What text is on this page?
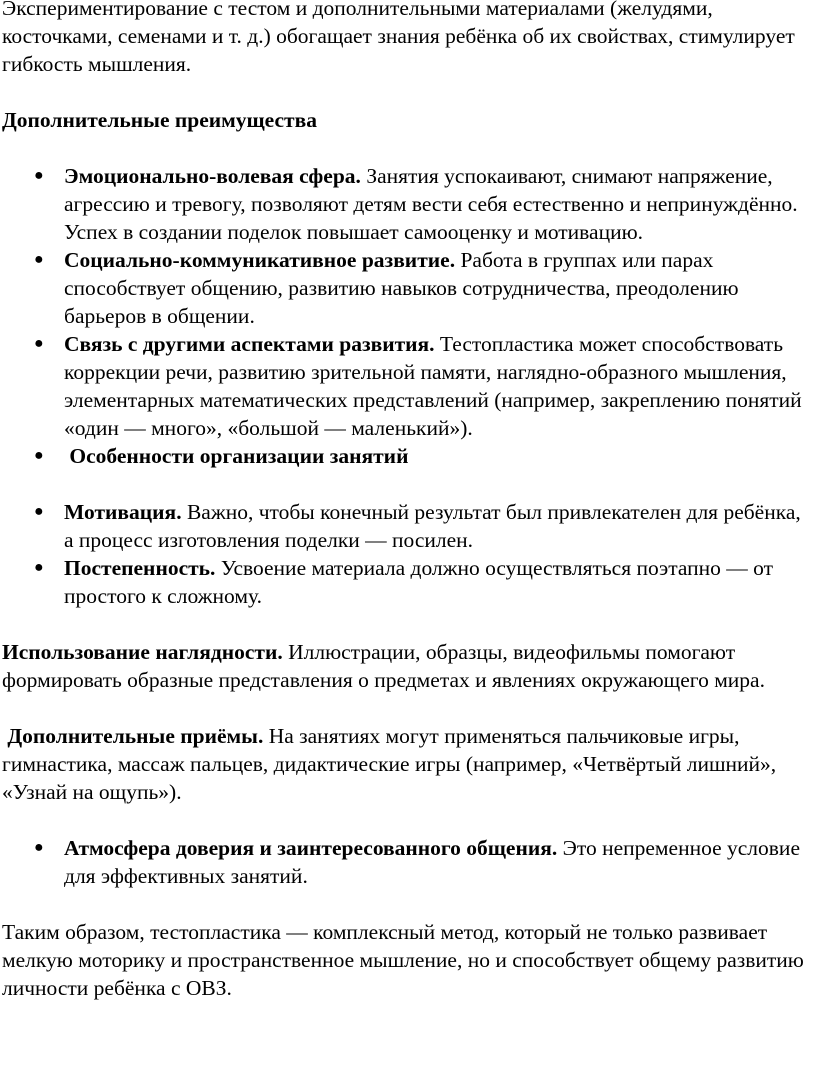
Экспериментирование с тестом и дополнительными материалами (желудями, косточками, семенами и т. д.) обогащает знания ребёнка об их свойствах, стимулирует гибкость мышления.

Дополнительные преимущества

● Эмоционально-волевая сфера. Занятия успокаивают, снимают напряжение, агрессию и тревогу, позволяют детям вести себя естественно и непринуждённо. Успех в создании поделок повышает самооценку и мотивацию.
● Социально-коммуникативное развитие. Работа в группах или парах способствует общению, развитию навыков сотрудничества, преодолению барьеров в общении.
● Связь с другими аспектами развития. Тестопластика может способствовать коррекции речи, развитию зрительной памяти, наглядно-образного мышления, элементарных математических представлений (например, закреплению понятий «один — много», «большой — маленький»).
● Особенности организации занятий
● Мотивация. Важно, чтобы конечный результат был привлекателен для ребёнка, а процесс изготовления поделки — посилен.
● Постепенность. Усвоение материала должно осуществляться поэтапно — от простого к сложному.

Использование наглядности. Иллюстрации, образцы, видеофильмы помогают формировать образные представления о предметах и явлениях окружающего мира.

Дополнительные приёмы. На занятиях могут применяться пальчиковые игры, гимнастика, массаж пальцев, дидактические игры (например, «Четвёртый лишний», «Узнай на ощупь»).

● Атмосфера доверия и заинтересованного общения. Это непременное условие для эффективных занятий.

Таким образом, тестопластика — комплексный метод, который не только развивает мелкую моторику и пространственное мышление, но и способствует общему развитию личности ребёнка с ОВЗ.
